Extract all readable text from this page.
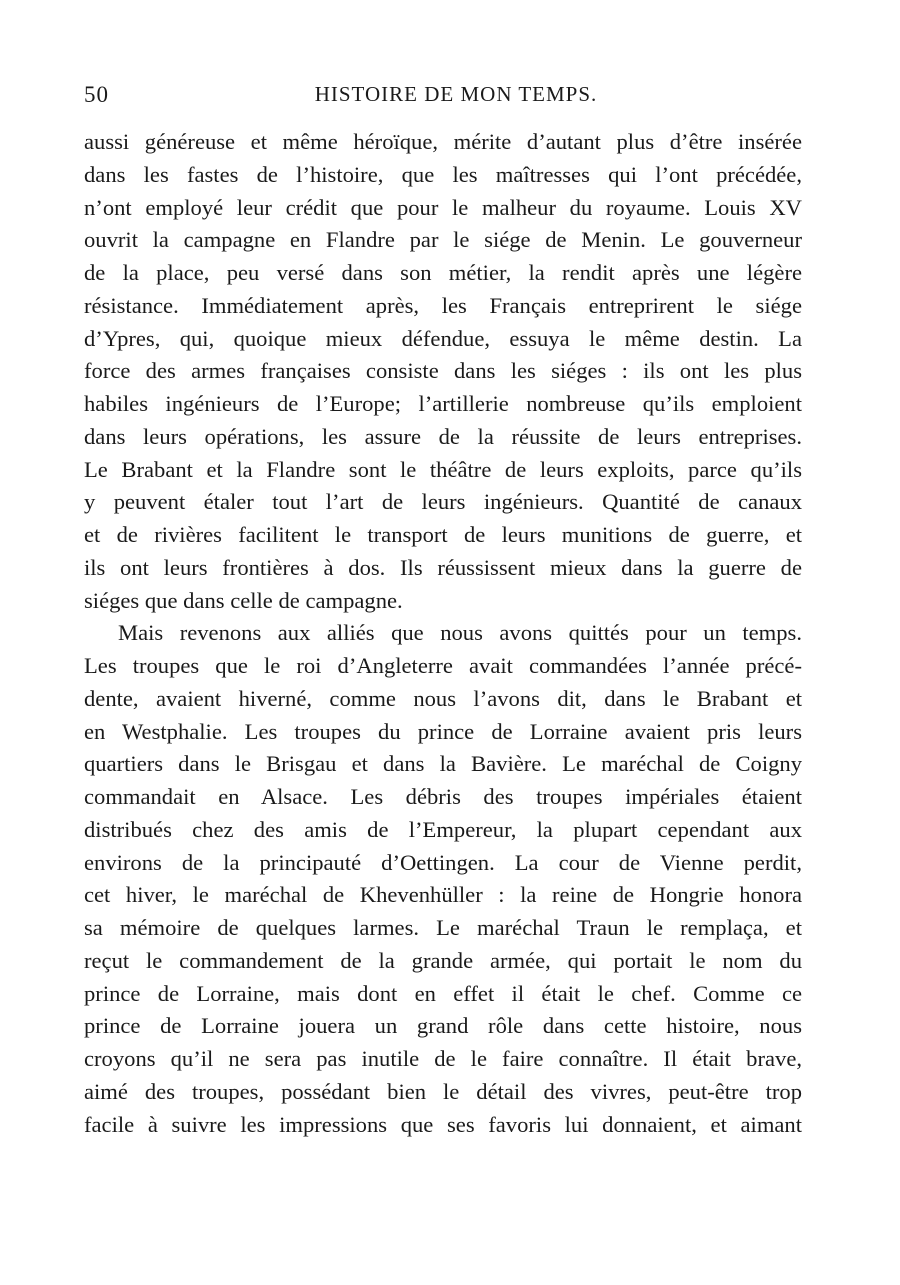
50	HISTOIRE DE MON TEMPS.

aussi généreuse et même héroïque, mérite d’autant plus d’être insérée
dans les fastes de l’histoire, que les maîtresses qui l’ont précédée,
n’ont employé leur crédit que pour le malheur du royaume. Louis XV
ouvrit la campagne en Flandre par le siége de Menin. Le gouverneur
de la place, peu versé dans son métier, la rendit après une légère
résistance. Immédiatement après, les Français entreprirent le siége
d’Ypres, qui, quoique mieux défendue, essuya le même destin. La
force des armes françaises consiste dans les siéges : ils ont les plus
habiles ingénieurs de l’Europe; l’artillerie nombreuse qu’ils emploient
dans leurs opérations, les assure de la réussite de leurs entreprises.
Le Brabant et la Flandre sont le théâtre de leurs exploits, parce qu’ils
y peuvent étaler tout l’art de leurs ingénieurs. Quantité de canaux
et de rivières facilitent le transport de leurs munitions de guerre, et
ils ont leurs frontières à dos. Ils réussissent mieux dans la guerre de
siéges que dans celle de campagne.

Mais revenons aux alliés que nous avons quittés pour un temps.
Les troupes que le roi d’Angleterre avait commandées l’année précé-
dente, avaient hiverné, comme nous l’avons dit, dans le Brabant et
en Westphalie. Les troupes du prince de Lorraine avaient pris leurs
quartiers dans le Brisgau et dans la Bavière. Le maréchal de Coigny
commandait en Alsace. Les débris des troupes impériales étaient
distribués chez des amis de l’Empereur, la plupart cependant aux
environs de la principauté d’Oettingen. La cour de Vienne perdit,
cet hiver, le maréchal de Khevenhüller : la reine de Hongrie honora
sa mémoire de quelques larmes. Le maréchal Traun le remplaça, et
reçut le commandement de la grande armée, qui portait le nom du
prince de Lorraine, mais dont en effet il était le chef. Comme ce
prince de Lorraine jouera un grand rôle dans cette histoire, nous
croyons qu’il ne sera pas inutile de le faire connaître. Il était brave,
aimé des troupes, possédant bien le détail des vivres, peut-être trop
facile à suivre les impressions que ses favoris lui donnaient, et aimant
